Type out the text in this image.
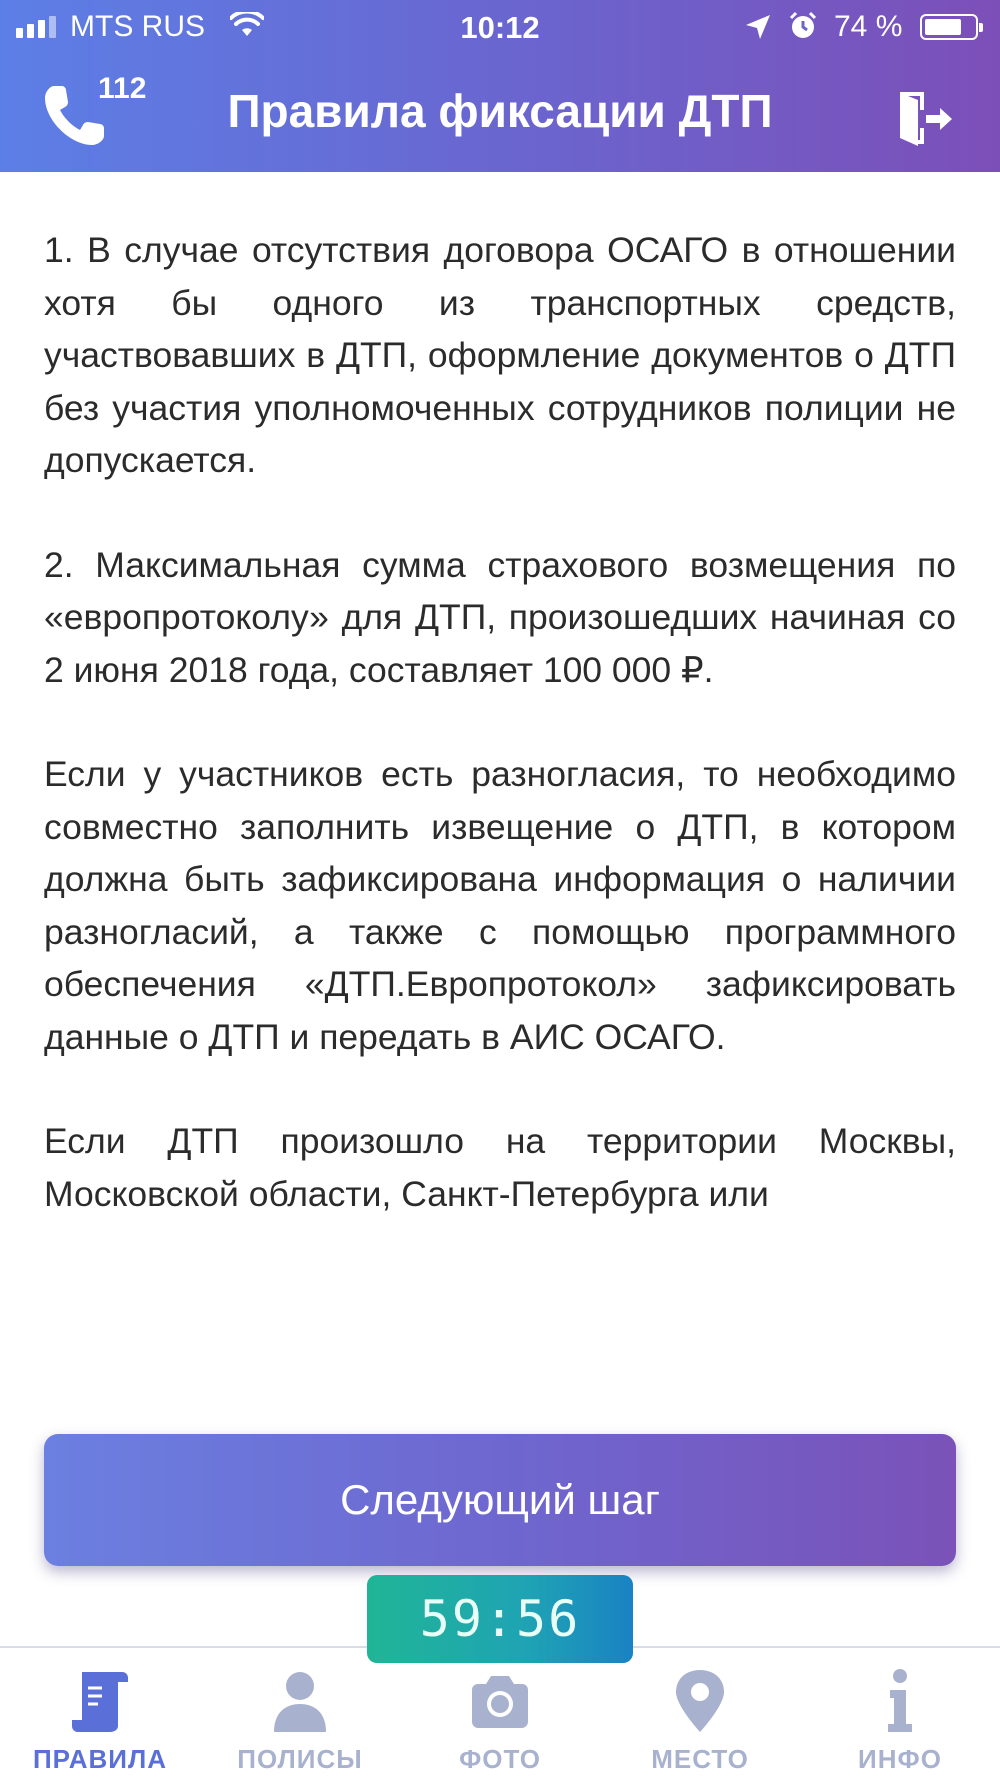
MTS RUS	10:12	74 %
112	Правила фиксации ДТП

1. В случае отсутствия договора ОСАГО в отношении хотя бы одного из транспортных средств, участвовавших в ДТП, оформление документов о ДТП без участия уполномоченных сотрудников полиции не допускается.

2. Максимальная сумма страхового возмещения по «европротоколу» для ДТП, произошедших начиная со 2 июня 2018 года, составляет 100 000 ₽.

Если у участников есть разногласия, то необходимо совместно заполнить извещение о ДТП, в котором должна быть зафиксирована информация о наличии разногласий, а также с помощью программного обеспечения «ДТП.Европротокол» зафиксировать данные о ДТП и передать в АИС ОСАГО.

Если ДТП произошло на территории Москвы, Московской области, Санкт-Петербурга или

Следующий шаг
ПРАВИЛА	ПОЛИСЫ	ФОТО	МЕСТО	ИНФО
59:56
